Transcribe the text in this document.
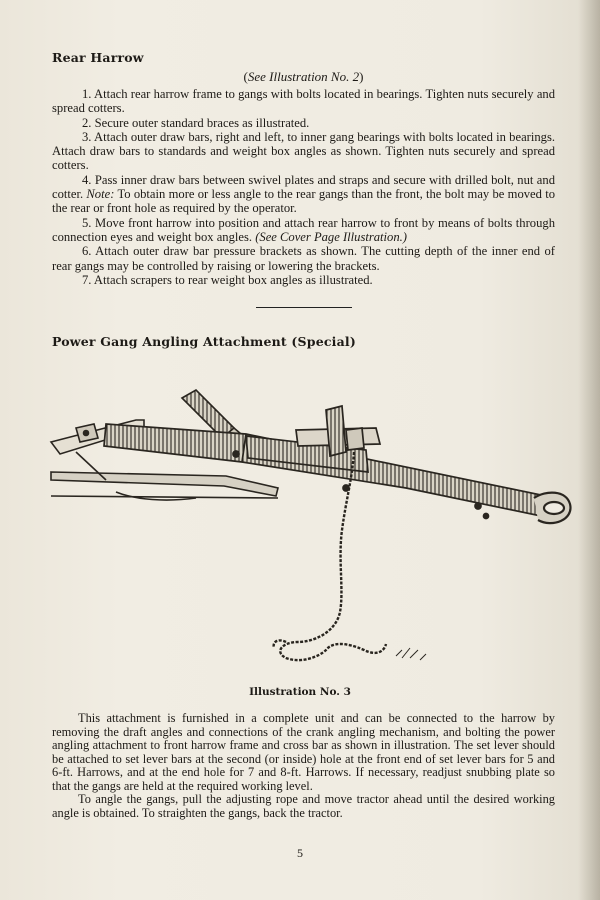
Rear Harrow
(See Illustration No. 2)

1. Attach rear harrow frame to gangs with bolts located in bearings. Tighten nuts securely and spread cotters.

2. Secure outer standard braces as illustrated.

3. Attach outer draw bars, right and left, to inner gang bearings with bolts located in bearings. Attach draw bars to standards and weight box angles as shown. Tighten nuts securely and spread cotters.

4. Pass inner draw bars between swivel plates and straps and secure with drilled bolt, nut and cotter. Note: To obtain more or less angle to the rear gangs than the front, the bolt may be moved to the rear or front hole as required by the operator.

5. Move front harrow into position and attach rear harrow to front by means of bolts through connection eyes and weight box angles. (See Cover Page Illustration.)

6. Attach outer draw bar pressure brackets as shown. The cutting depth of the inner end of rear gangs may be controlled by raising or lowering the brackets.

7. Attach scrapers to rear weight box angles as illustrated.

Power Gang Angling Attachment (Special)
Illustration No. 3

This attachment is furnished in a complete unit and can be connected to the harrow by removing the draft angles and connections of the crank angling mechanism, and bolting the power angling attachment to front harrow frame and cross bar as shown in illustration. The set lever should be attached to set lever bars at the second (or inside) hole at the front end of set lever bars for 5 and 6-ft. Harrows, and at the end hole for 7 and 8-ft. Harrows. If necessary, readjust snubbing plate so that the gangs are held at the required working level.

To angle the gangs, pull the adjusting rope and move tractor ahead until the desired working angle is obtained. To straighten the gangs, back the tractor.

5
